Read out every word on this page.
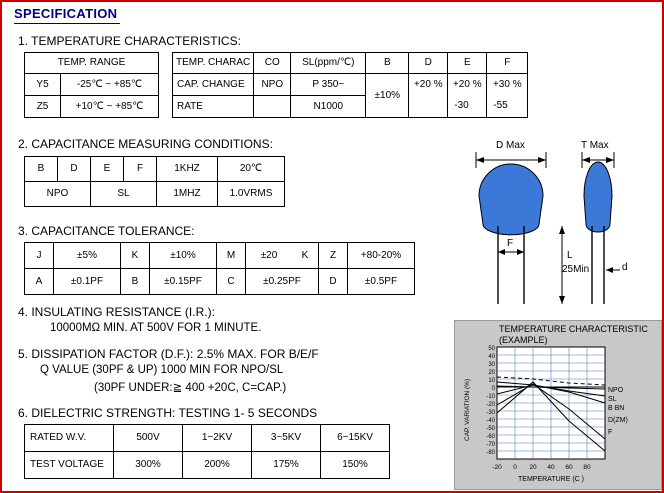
SPECIFICATION
1. TEMPERATURE CHARACTERISTICS:
TEMP. RANGE	
Y5	-25℃ ~ +85℃
Z5	+10℃ ~ +85℃
TEMP. CHARAC	CO	SL(ppm/℃)	B	D	E	F
CAP. CHANGE	NPO	P 350~	±10%	+20 %	+20 %	+30 %
RATE		N1000			-30	-55
2. CAPACITANCE MEASURING CONDITIONS:
B	D	E	F	1KHZ	20℃
NPO		SL		1MHZ	1.0VRMS
3. CAPACITANCE TOLERANCE:
J	±5%	K	±10%	M	±20	K	Z	+80-20%
A	±0.1PF	B	±0.15PF	C	±0.25PF		D	±0.5PF
4. INSULATING RESISTANCE (I.R.):
10000MΩ MIN. AT 500V FOR 1 MINUTE.
5. DISSIPATION FACTOR (D.F.): 2.5% MAX. FOR B/E/F
Q VALUE (30PF & UP) 1000 MIN FOR NPO/SL
(30PF UNDER:≧ 400 +20C, C=CAP.)
6. DIELECTRIC STRENGTH: TESTING 1- 5 SECONDS
RATED W.V.	500V	1~2KV	3~5KV	6~15KV
TEST VOLTAGE	300%	200%	175%	150%
D Max	T Max
F
L
25Min	d
TEMPERATURE CHARACTERISTIC
(EXAMPLE)
50
40
30
20
10
0
-10
-20
-30
-40
-50
-60
-70
-80
-20 0 20 40 60 80
NPO
SL
B BN
D(ZM)
F
CAP. VARIATION (%)
TEMPERATURE (C )
